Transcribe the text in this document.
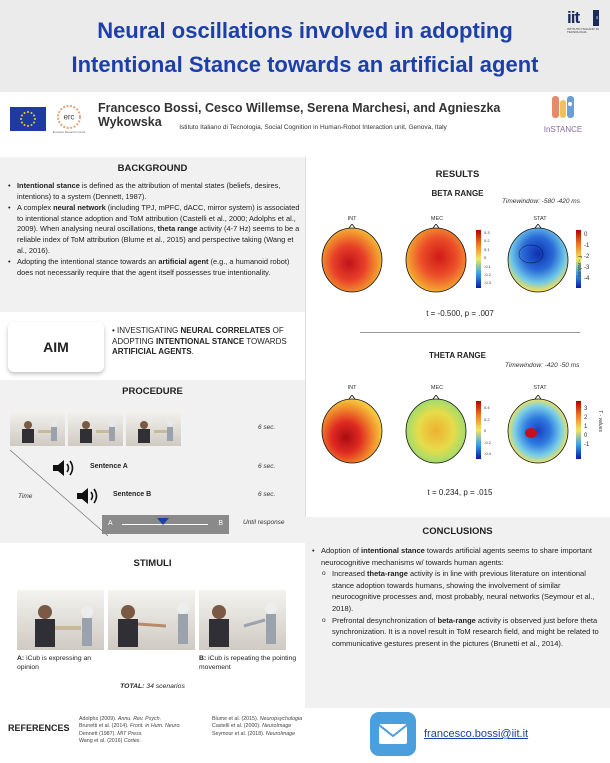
Neural oscillations involved in adopting
Intentional Stance towards an artificial agent
iit
ISTITUTO ITALIANO DI TECNOLOGIA
IIT
erc
European Research Council
Francesco Bossi, Cesco Willemse, Serena Marchesi, and Agnieszka Wykowska	Istituto Italiano di Tecnologia, Social Cognition in Human-Robot Interaction unit, Genova, Italy	InSTANCE
BACKGROUND

• Intentional stance is defined as the attribution of mental states (beliefs, desires, intentions) to a system (Dennett, 1987).

• A complex neural network (including TPJ, mPFC, dACC, mirror system) is associated to intentional stance adoption and ToM attribution (Castelli et al., 2000; Adolphs et al., 2009). When analysing neural oscillations, theta range activity (4-7 Hz) seems to be a reliable index of ToM attribution (Blume et al., 2015) and perspective taking (Wang et al., 2016).

• Adopting the intentional stance towards an artificial agent (e.g., a humanoid robot) does not necessarily require that the agent itself possesses true intentionality.

AIM
• INVESTIGATING NEURAL CORRELATES OF ADOPTING INTENTIONAL STANCE TOWARDS ARTIFICIAL AGENTS.
PROCEDURE
6 sec.
Time
Sentence A	6 sec.
Sentence B	6 sec.
A	B	Until response
STIMULI
A: iCub is expressing an opinion
B: iCub is repeating the pointing movement
TOTAL: 34 scenarios
REFERENCES
Adolphs (2009). Annu. Rev. Psych.
Brunetti et al. (2014). Front. in Hum. Neuro.
Dennett (1987). MIT Press.
Wang et al. (2016) Cortex.
Blume et al. (2015). Neuropsychologia
Castelli et al. (2000). NeuroImage
Seymour et al. (2018). NeuroImage
RESULTS
BETA RANGE
Timewindow: -580 -420 ms
INT	MEC	STAT
0.3
0.2
0.1
0
-0.1
-0.2
-0.3
0
-1
-2
-3
-4
T - values
t = -0.500, p = .007
THETA RANGE
Timewindow: -420 -50 ms
INT	MEC	STAT
0.4
0.2
0
-0.2
-0.4
3
2
1
0
-1
T - values
t = 0.234, p = .015
CONCLUSIONS
• Adoption of intentional stance towards artificial agents seems to share important neurocognitive mechanisms w/ towards human agents:
o Increased theta-range activity is in line with previous literature on intentional stance adoption towards humans, showing the involvement of similar neurocognitive processes and, most probably, neural networks (Seymour et al., 2018).
o Prefrontal desynchronization of beta-range activity is observed just before theta synchronization. It is a novel result in ToM research field, and might be related to communicative gestures present in the pictures (Brunetti et al., 2014).
francesco.bossi@iit.it
